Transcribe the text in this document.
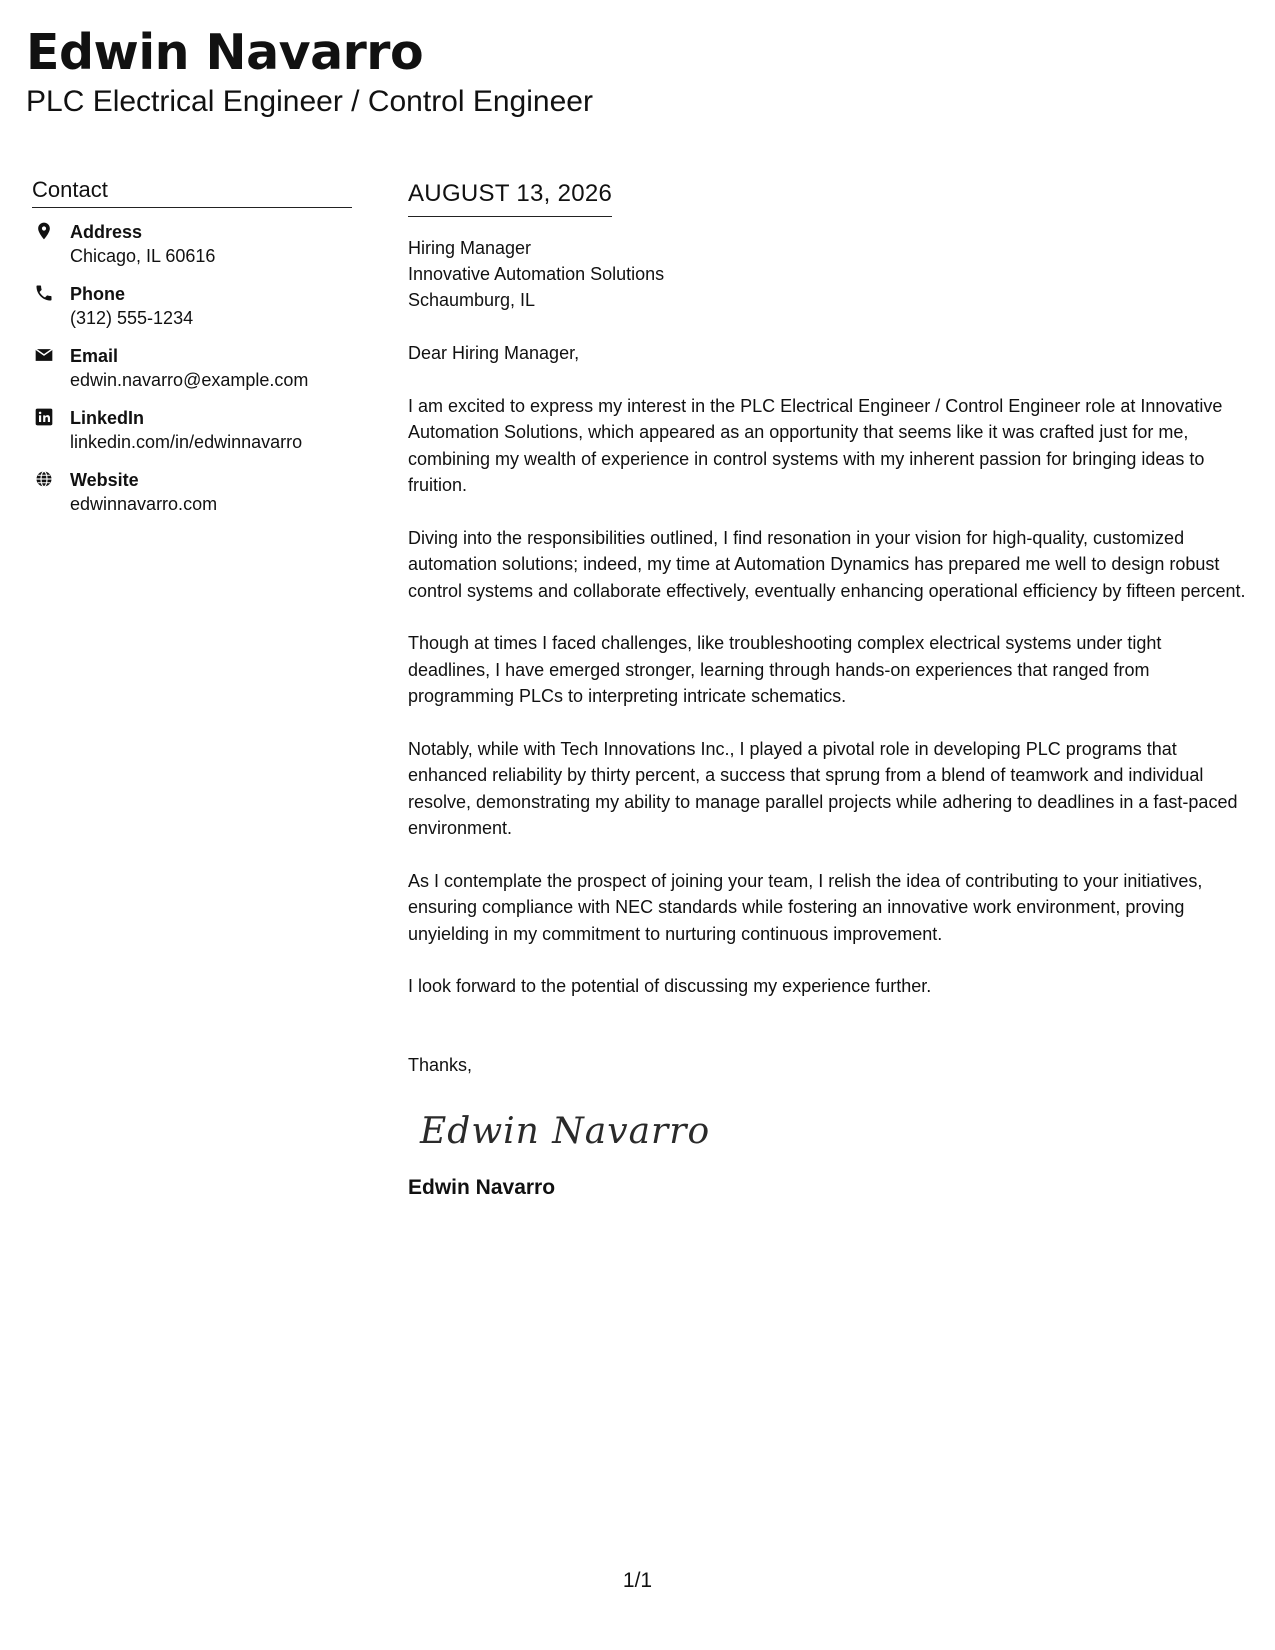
Edwin Navarro

PLC Electrical Engineer / Control Engineer

Contact
Address
Chicago, IL 60616
Phone
(312) 555-1234
Email
edwin.navarro@example.com
LinkedIn
linkedin.com/in/edwinnavarro
Website
edwinnavarro.com
AUGUST 13, 2026
Hiring Manager
Innovative Automation Solutions
Schaumburg, IL
Dear Hiring Manager,
I am excited to express my interest in the PLC Electrical Engineer / Control Engineer role at Innovative Automation Solutions, which appeared as an opportunity that seems like it was crafted just for me, combining my wealth of experience in control systems with my inherent passion for bringing ideas to fruition.
Diving into the responsibilities outlined, I find resonation in your vision for high-quality, customized automation solutions; indeed, my time at Automation Dynamics has prepared me well to design robust control systems and collaborate effectively, eventually enhancing operational efficiency by fifteen percent.
Though at times I faced challenges, like troubleshooting complex electrical systems under tight deadlines, I have emerged stronger, learning through hands-on experiences that ranged from programming PLCs to interpreting intricate schematics.
Notably, while with Tech Innovations Inc., I played a pivotal role in developing PLC programs that enhanced reliability by thirty percent, a success that sprung from a blend of teamwork and individual resolve, demonstrating my ability to manage parallel projects while adhering to deadlines in a fast-paced environment.
As I contemplate the prospect of joining your team, I relish the idea of contributing to your initiatives, ensuring compliance with NEC standards while fostering an innovative work environment, proving unyielding in my commitment to nurturing continuous improvement.
I look forward to the potential of discussing my experience further.
Thanks,
Edwin Navarro
Edwin Navarro
1/1
